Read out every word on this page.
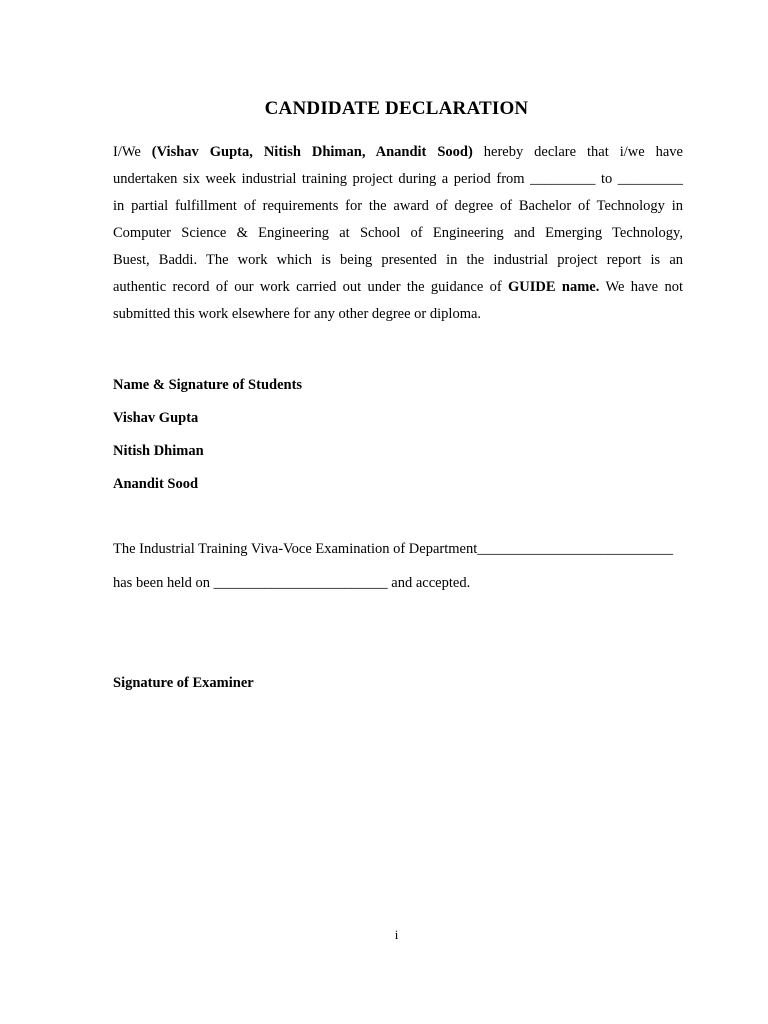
CANDIDATE DECLARATION
I/We (Vishav Gupta, Nitish Dhiman, Anandit Sood) hereby declare that i/we have
undertaken six week industrial training project during a period from _________ to _________
in partial fulfillment of requirements for the award of degree of Bachelor of Technology in
Computer Science & Engineering at School of Engineering and Emerging Technology,
Buest, Baddi. The work which is being presented in the industrial project report is an
authentic record of our work carried out under the guidance of GUIDE name. We have not
submitted this work elsewhere for any other degree or diploma.
Name & Signature of Students
Vishav Gupta
Nitish Dhiman
Anandit Sood
The Industrial Training Viva-Voce Examination of Department___________________________
has been held on ________________________ and accepted.
Signature of Examiner
i
